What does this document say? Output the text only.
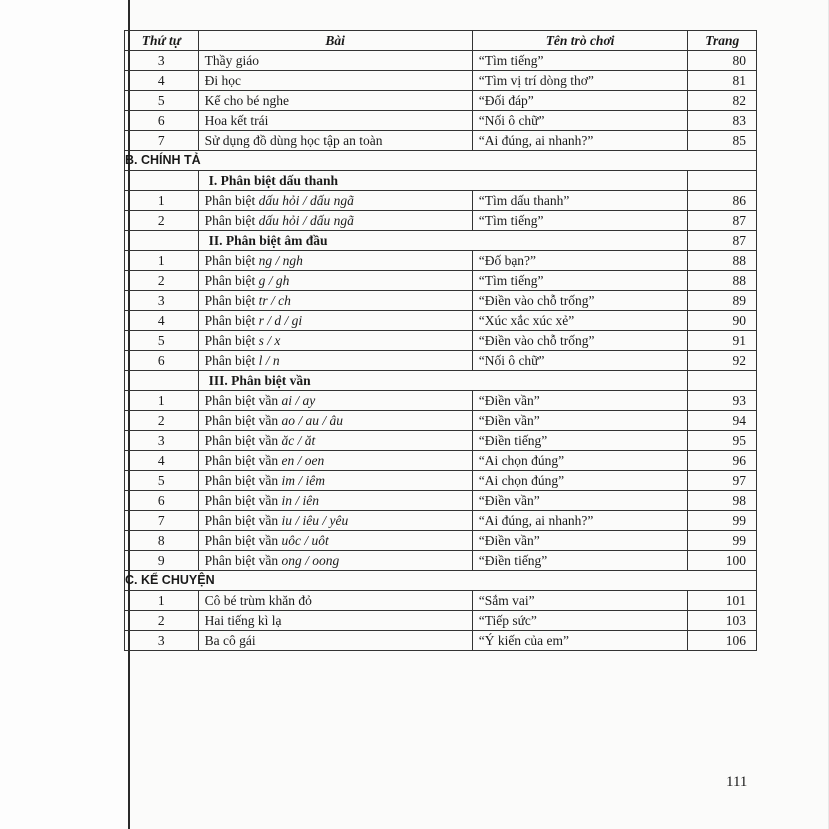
Thứ tự	Bài	Tên trò chơi	Trang
3	Thầy giáo	“Tìm tiếng”	80
4	Đi học	“Tìm vị trí dòng thơ”	81
5	Kể cho bé nghe	“Đối đáp”	82
6	Hoa kết trái	“Nối ô chữ”	83
7	Sử dụng đồ dùng học tập an toàn	“Ai đúng, ai nhanh?”	85
B. CHÍNH TẢ			
	I. Phân biệt dấu thanh		
1	Phân biệt dấu hỏi / dấu ngã	“Tìm dấu thanh”	86
2	Phân biệt dấu hỏi / dấu ngã	“Tìm tiếng”	87
	II. Phân biệt âm đầu		87
1	Phân biệt ng / ngh	“Đố bạn?”	88
2	Phân biệt g / gh	“Tìm tiếng”	88
3	Phân biệt tr / ch	“Điền vào chỗ trống”	89
4	Phân biệt r / d / gi	“Xúc xắc xúc xẻ”	90
5	Phân biệt s / x	“Điền vào chỗ trống”	91
6	Phân biệt l / n	“Nối ô chữ”	92
	III. Phân biệt vần		
1	Phân biệt vần ai / ay	“Điền vần”	93
2	Phân biệt vần ao / au / âu	“Điền vần”	94
3	Phân biệt vần ăc / ăt	“Điền tiếng”	95
4	Phân biệt vần en / oen	“Ai chọn đúng”	96
5	Phân biệt vần im / iêm	“Ai chọn đúng”	97
6	Phân biệt vần in / iên	“Điền vần”	98
7	Phân biệt vần iu / iêu / yêu	“Ai đúng, ai nhanh?”	99
8	Phân biệt vần uôc / uôt	“Điền vần”	99
9	Phân biệt vần ong / oong	“Điền tiếng”	100
C. KỂ CHUYỆN			
1	Cô bé trùm khăn đỏ	“Sắm vai”	101
2	Hai tiếng kì lạ	“Tiếp sức”	103
3	Ba cô gái	“Ý kiến của em”	106
111
